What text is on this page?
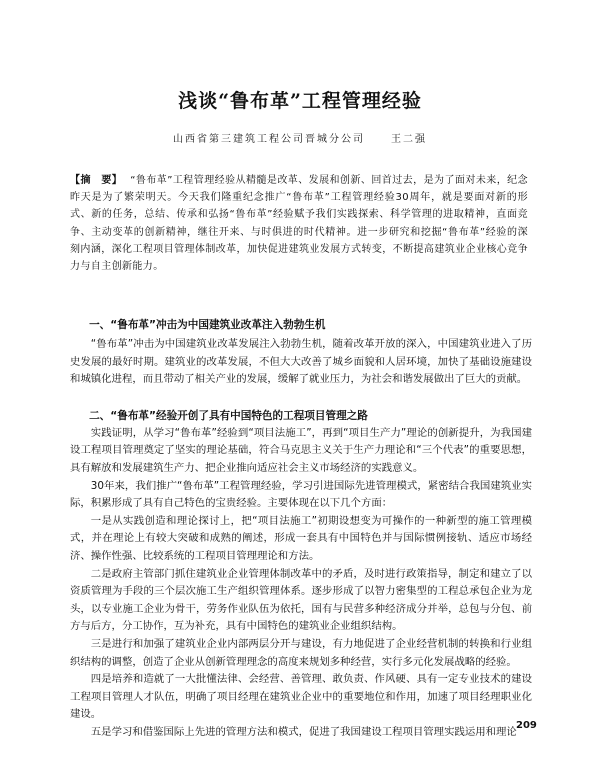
浅谈“鲁布革”工程管理经验
山西省第三建筑工程公司晋城分公司	王二强
【摘　要】 “鲁布革”工程管理经验从精髓是改革、发展和创新、回首过去，是为了面对未来，纪念昨天是为了繁荣明天。今天我们隆重纪念推广“鲁布革”工程管理经验30周年，就是要面对新的形式、新的任务，总结、传承和弘扬“鲁布革”经验赋予我们实践探索、科学管理的进取精神，直面竞争、主动变革的创新精神，继往开来、与时俱进的时代精神。进一步研究和挖掘“鲁布革”经验的深刻内涵，深化工程项目管理体制改革，加快促进建筑业发展方式转变，不断提高建筑业企业核心竞争力与自主创新能力。
一、“鲁布革”冲击为中国建筑业改革注入勃勃生机

“鲁布革”冲击为中国建筑业改革发展注入勃勃生机，随着改革开放的深入，中国建筑业进入了历史发展的最好时期。建筑业的改革发展，不但大大改善了城乡面貌和人居环境，加快了基础设施建设和城镇化进程，而且带动了相关产业的发展，缓解了就业压力，为社会和谐发展做出了巨大的贡献。

二、“鲁布革”经验开创了具有中国特色的工程项目管理之路

实践证明，从学习“鲁布革”经验到“项目法施工”，再到“项目生产力”理论的创新提升，为我国建设工程项目管理奠定了坚实的理论基础，符合马克思主义关于生产力理论和“三个代表”的重要思想，具有解放和发展建筑生产力、把企业推向适应社会主义市场经济的实践意义。

30年来，我们推广“鲁布革”工程管理经验，学习引进国际先进管理模式，紧密结合我国建筑业实际，积累形成了具有自己特色的宝贵经验。主要体现在以下几个方面：

一是从实践创造和理论探讨上，把“项目法施工”初期设想变为可操作的一种新型的施工管理模式，并在理论上有较大突破和成熟的阐述，形成一套具有中国特色并与国际惯例接轨、适应市场经济、操作性强、比较系统的工程项目管理理论和方法。

二是政府主管部门抓住建筑业企业管理体制改革中的矛盾，及时进行政策指导，制定和建立了以资质管理为手段的三个层次施工生产组织管理体系。逐步形成了以智力密集型的工程总承包企业为龙头，以专业施工企业为骨干，劳务作业队伍为依托，国有与民营多种经济成分并举，总包与分包、前方与后方，分工协作，互为补充，具有中国特色的建筑业企业组织结构。

三是进行和加强了建筑业企业内部两层分开与建设，有力地促进了企业经营机制的转换和行业组织结构的调整，创造了企业从创新管理理念的高度来规划多种经营，实行多元化发展战略的经验。

四是培养和造就了一大批懂法律、会经营、善管理、敢负责、作风硬、具有一定专业技术的建设工程项目管理人才队伍，明确了项目经理在建筑业企业中的重要地位和作用，加速了项目经理职业化建设。

五是学习和借鉴国际上先进的管理方法和模式，促进了我国建设工程项目管理实践运用和理论

209
